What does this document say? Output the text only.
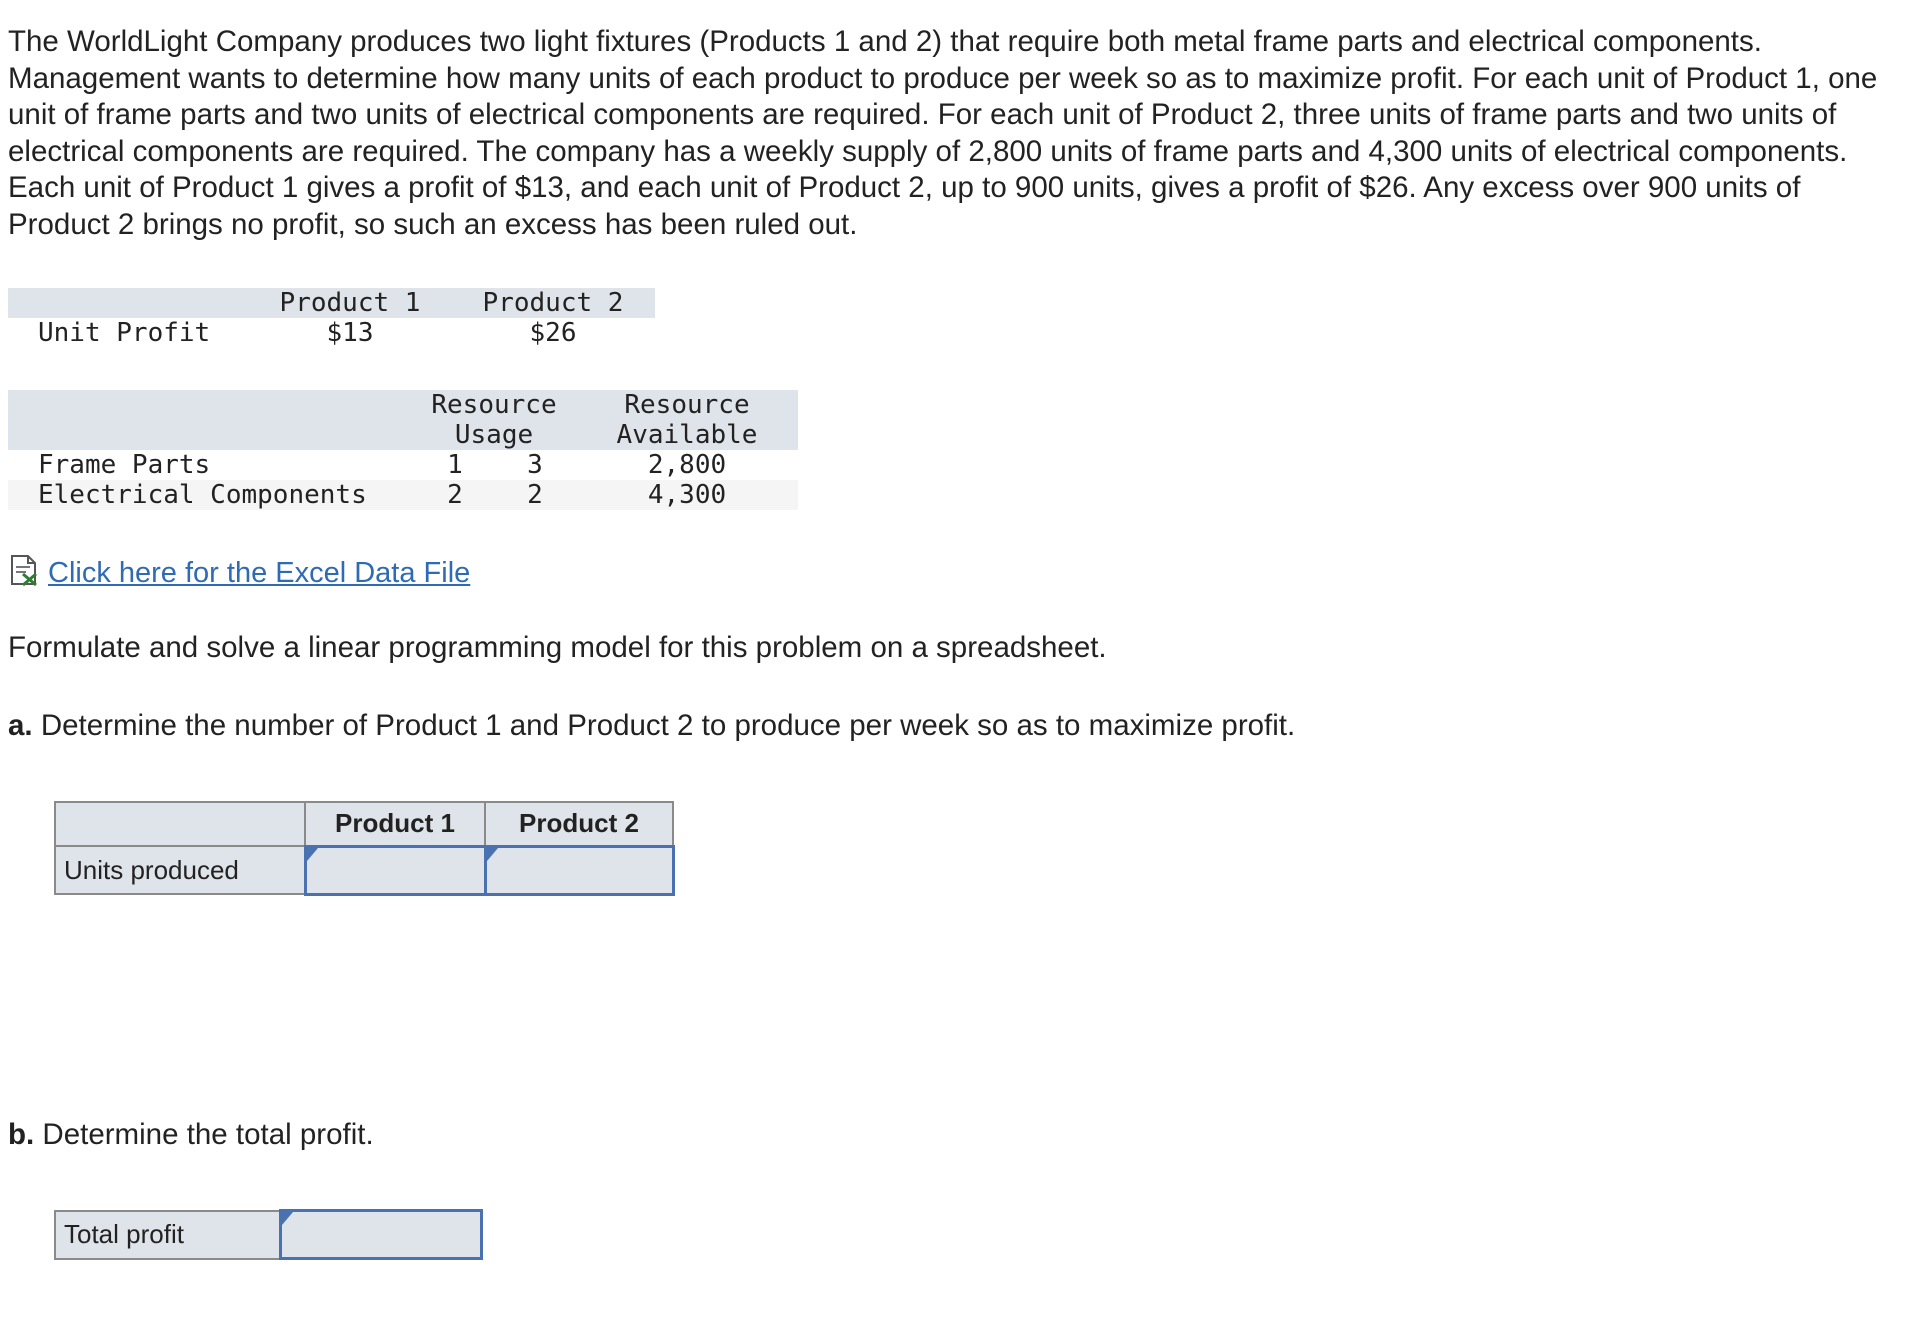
The WorldLight Company produces two light fixtures (Products 1 and 2) that require both metal frame parts and electrical components. Management wants to determine how many units of each product to produce per week so as to maximize profit. For each unit of Product 1, one unit of frame parts and two units of electrical components are required. For each unit of Product 2, three units of frame parts and two units of electrical components are required. The company has a weekly supply of 2,800 units of frame parts and 4,300 units of electrical components. Each unit of Product 1 gives a profit of $13, and each unit of Product 2, up to 900 units, gives a profit of $26. Any excess over 900 units of Product 2 brings no profit, so such an excess has been ruled out.

Product 1	Product 2
Unit Profit	$13	$26
Resource
Usage
Resource
Available
Frame Parts	1 3	2,800
Electrical Components	2 2	4,300
Click here for the Excel Data File

Formulate and solve a linear programming model for this problem on a spreadsheet.

a. Determine the number of Product 1 and Product 2 to produce per week so as to maximize profit.

	Product 1	Product 2
Units produced		

b. Determine the total profit.

Total profit	
